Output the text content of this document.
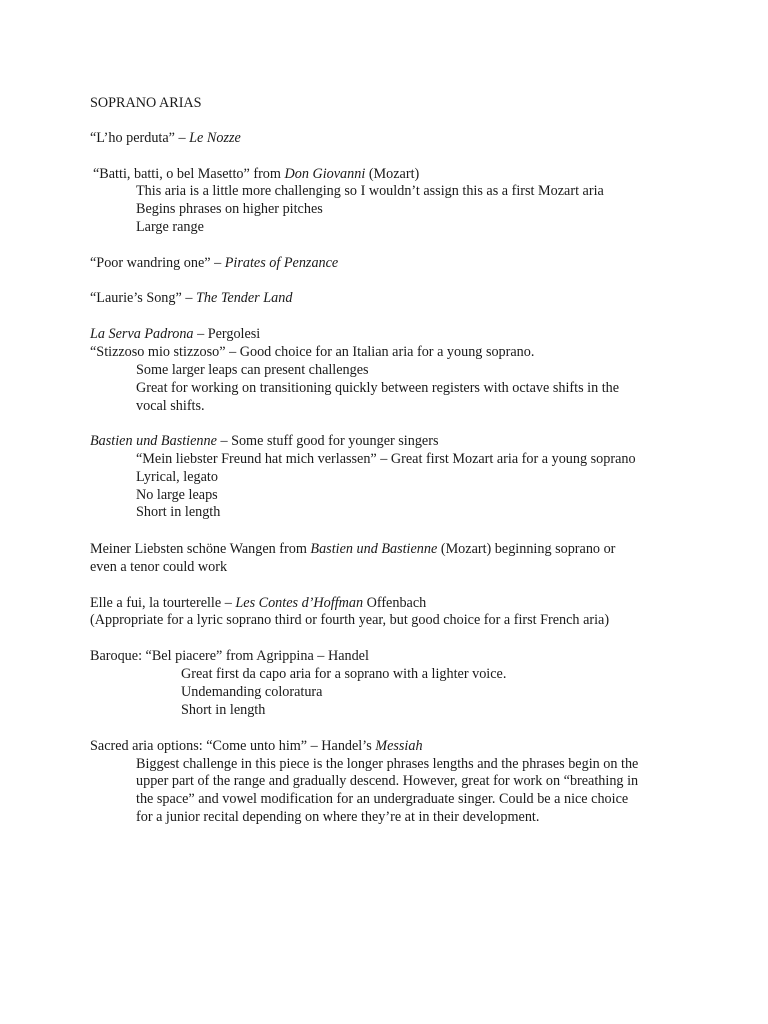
SOPRANO ARIAS
“L’ho perduta” – Le Nozze
“Batti, batti, o bel Masetto” from Don Giovanni (Mozart)
This aria is a little more challenging so I wouldn’t assign this as a first Mozart aria
Begins phrases on higher pitches
Large range
“Poor wandring one” – Pirates of Penzance
“Laurie’s Song” – The Tender Land
La Serva Padrona – Pergolesi
“Stizzoso mio stizzoso” – Good choice for an Italian aria for a young soprano.
Some larger leaps can present challenges
Great for working on transitioning quickly between registers with octave shifts in the
vocal shifts.
Bastien und Bastienne – Some stuff good for younger singers
“Mein liebster Freund hat mich verlassen” – Great first Mozart aria for a young soprano
Lyrical, legato
No large leaps
Short in length
Meiner Liebsten schöne Wangen from Bastien und Bastienne (Mozart) beginning soprano or
even a tenor could work
Elle a fui, la tourterelle – Les Contes d’Hoffman Offenbach
(Appropriate for a lyric soprano third or fourth year, but good choice for a first French aria)
Baroque: “Bel piacere” from Agrippina – Handel
Great first da capo aria for a soprano with a lighter voice.
Undemanding coloratura
Short in length
Sacred aria options: “Come unto him” – Handel’s Messiah
Biggest challenge in this piece is the longer phrases lengths and the phrases begin on the
upper part of the range and gradually descend. However, great for work on “breathing in
the space” and vowel modification for an undergraduate singer. Could be a nice choice
for a junior recital depending on where they’re at in their development.
